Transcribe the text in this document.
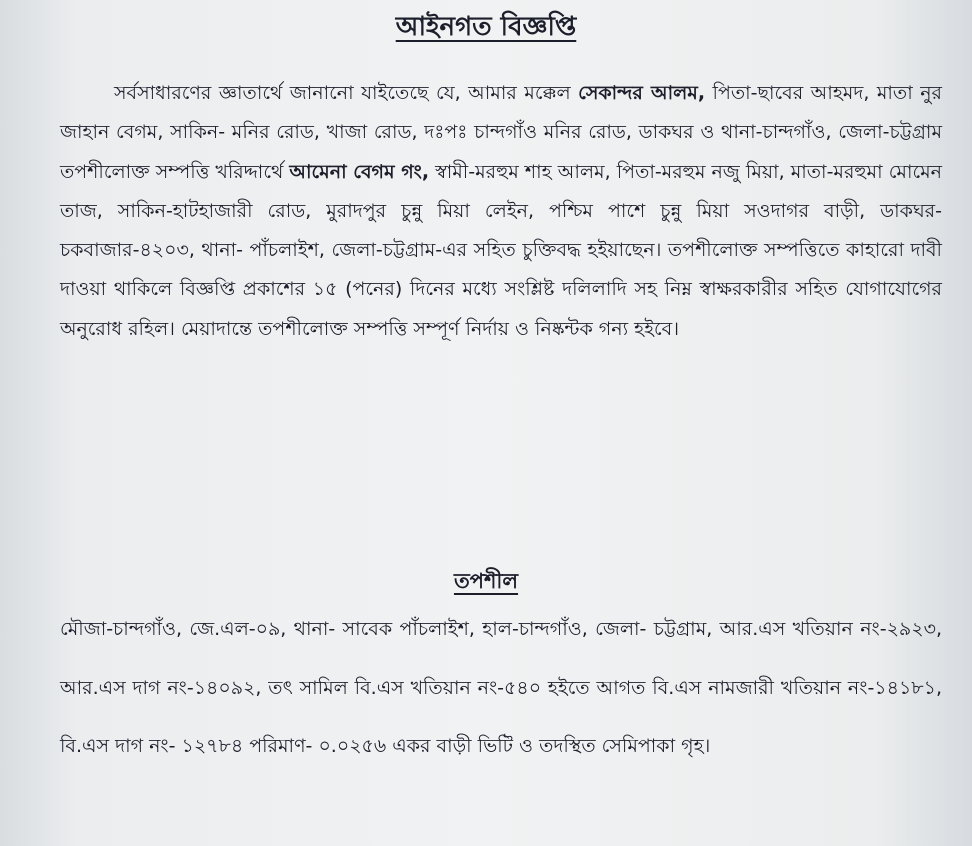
আইনগত বিজ্ঞপ্তি

সর্বসাধারণের জ্ঞাতার্থে জানানো যাইতেছে যে, আমার মক্কেল সেকান্দর আলম, পিতা-ছাবের আহমদ, মাতা নুর জাহান বেগম, সাকিন- মনির রোড, খাজা রোড, দঃপঃ চান্দগাঁও মনির রোড, ডাকঘর ও থানা-চান্দগাঁও, জেলা-চট্টগ্রাম তপশীলোক্ত সম্পত্তি খরিদ্দার্থে আমেনা বেগম গং, স্বামী-মরহুম শাহ আলম, পিতা-মরহুম নজু মিয়া, মাতা-মরহুমা মোমেন তাজ, সাকিন-হাটহাজারী রোড, মুরাদপুর চুন্নু মিয়া লেইন, পশ্চিম পাশে চুন্নু মিয়া সওদাগর বাড়ী, ডাকঘর-চকবাজার-৪২০৩, থানা- পাঁচলাইশ, জেলা-চট্টগ্রাম-এর সহিত চুক্তিবদ্ধ হইয়াছেন। তপশীলোক্ত সম্পত্তিতে কাহারো দাবী দাওয়া থাকিলে বিজ্ঞপ্তি প্রকাশের ১৫ (পনের) দিনের মধ্যে সংশ্লিষ্ট দলিলাদি সহ নিম্ন স্বাক্ষরকারীর সহিত যোগাযোগের অনুরোধ রহিল। মেয়াদান্তে তপশীলোক্ত সম্পত্তি সম্পূর্ণ নির্দায় ও নিষ্কন্টক গন্য হইবে।

তপশীল

মৌজা-চান্দগাঁও, জে.এল-০৯, থানা- সাবেক পাঁচলাইশ, হাল-চান্দগাঁও, জেলা- চট্টগ্রাম, আর.এস খতিয়ান নং-২৯২৩, আর.এস দাগ নং-১৪০৯২, তৎ সামিল বি.এস খতিয়ান নং-৫৪০ হইতে আগত বি.এস নামজারী খতিয়ান নং-১৪১৮১, বি.এস দাগ নং- ১২৭৮৪ পরিমাণ- ০.০২৫৬ একর বাড়ী ভিটি ও তদস্থিত সেমিপাকা গৃহ।
